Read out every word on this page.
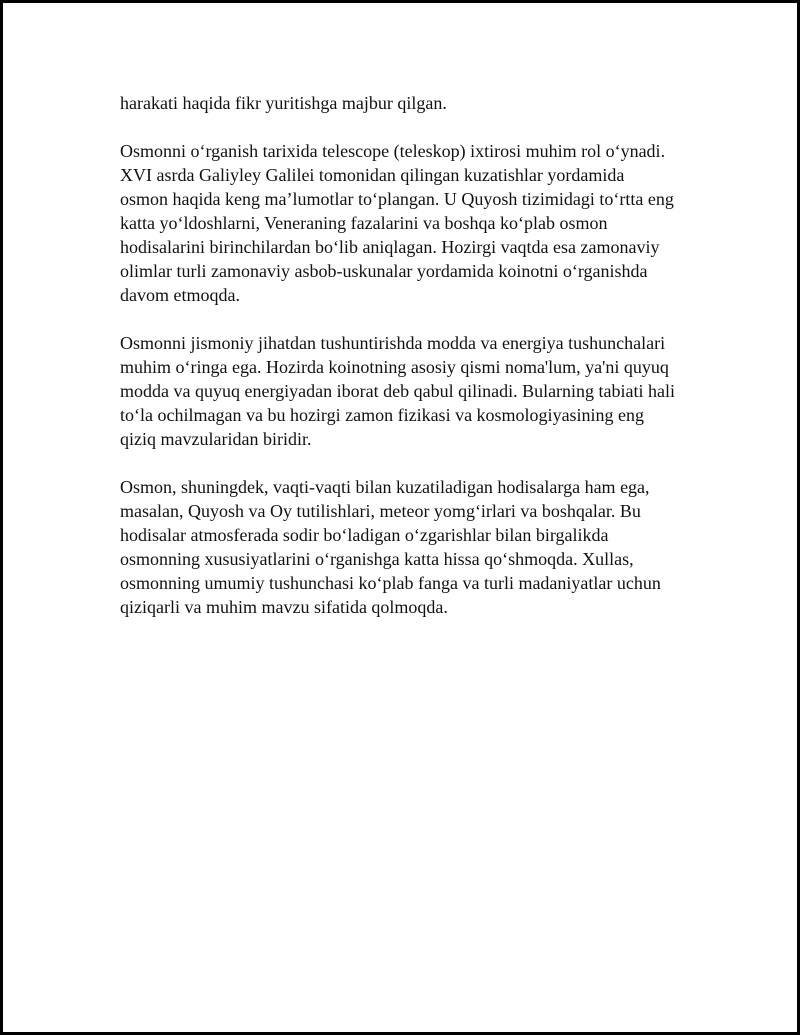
harakati haqida fikr yuritishga majbur qilgan.

Osmonni o‘rganish tarixida telescope (teleskop) ixtirosi muhim rol o‘ynadi.
XVI asrda Galiyley Galilei tomonidan qilingan kuzatishlar yordamida
osmon haqida keng ma’lumotlar to‘plangan. U Quyosh tizimidagi to‘rtta eng
katta yo‘ldoshlarni, Veneraning fazalarini va boshqa ko‘plab osmon
hodisalarini birinchilardan bo‘lib aniqlagan. Hozirgi vaqtda esa zamonaviy
olimlar turli zamonaviy asbob-uskunalar yordamida koinotni o‘rganishda
davom etmoqda.

Osmonni jismoniy jihatdan tushuntirishda modda va energiya tushunchalari
muhim o‘ringa ega. Hozirda koinotning asosiy qismi noma'lum, ya'ni quyuq
modda va quyuq energiyadan iborat deb qabul qilinadi. Bularning tabiati hali
to‘la ochilmagan va bu hozirgi zamon fizikasi va kosmologiyasining eng
qiziq mavzularidan biridir.

Osmon, shuningdek, vaqti-vaqti bilan kuzatiladigan hodisalarga ham ega,
masalan, Quyosh va Oy tutilishlari, meteor yomg‘irlari va boshqalar. Bu
hodisalar atmosferada sodir bo‘ladigan o‘zgarishlar bilan birgalikda
osmonning xususiyatlarini o‘rganishga katta hissa qo‘shmoqda. Xullas,
osmonning umumiy tushunchasi ko‘plab fanga va turli madaniyatlar uchun
qiziqarli va muhim mavzu sifatida qolmoqda.
